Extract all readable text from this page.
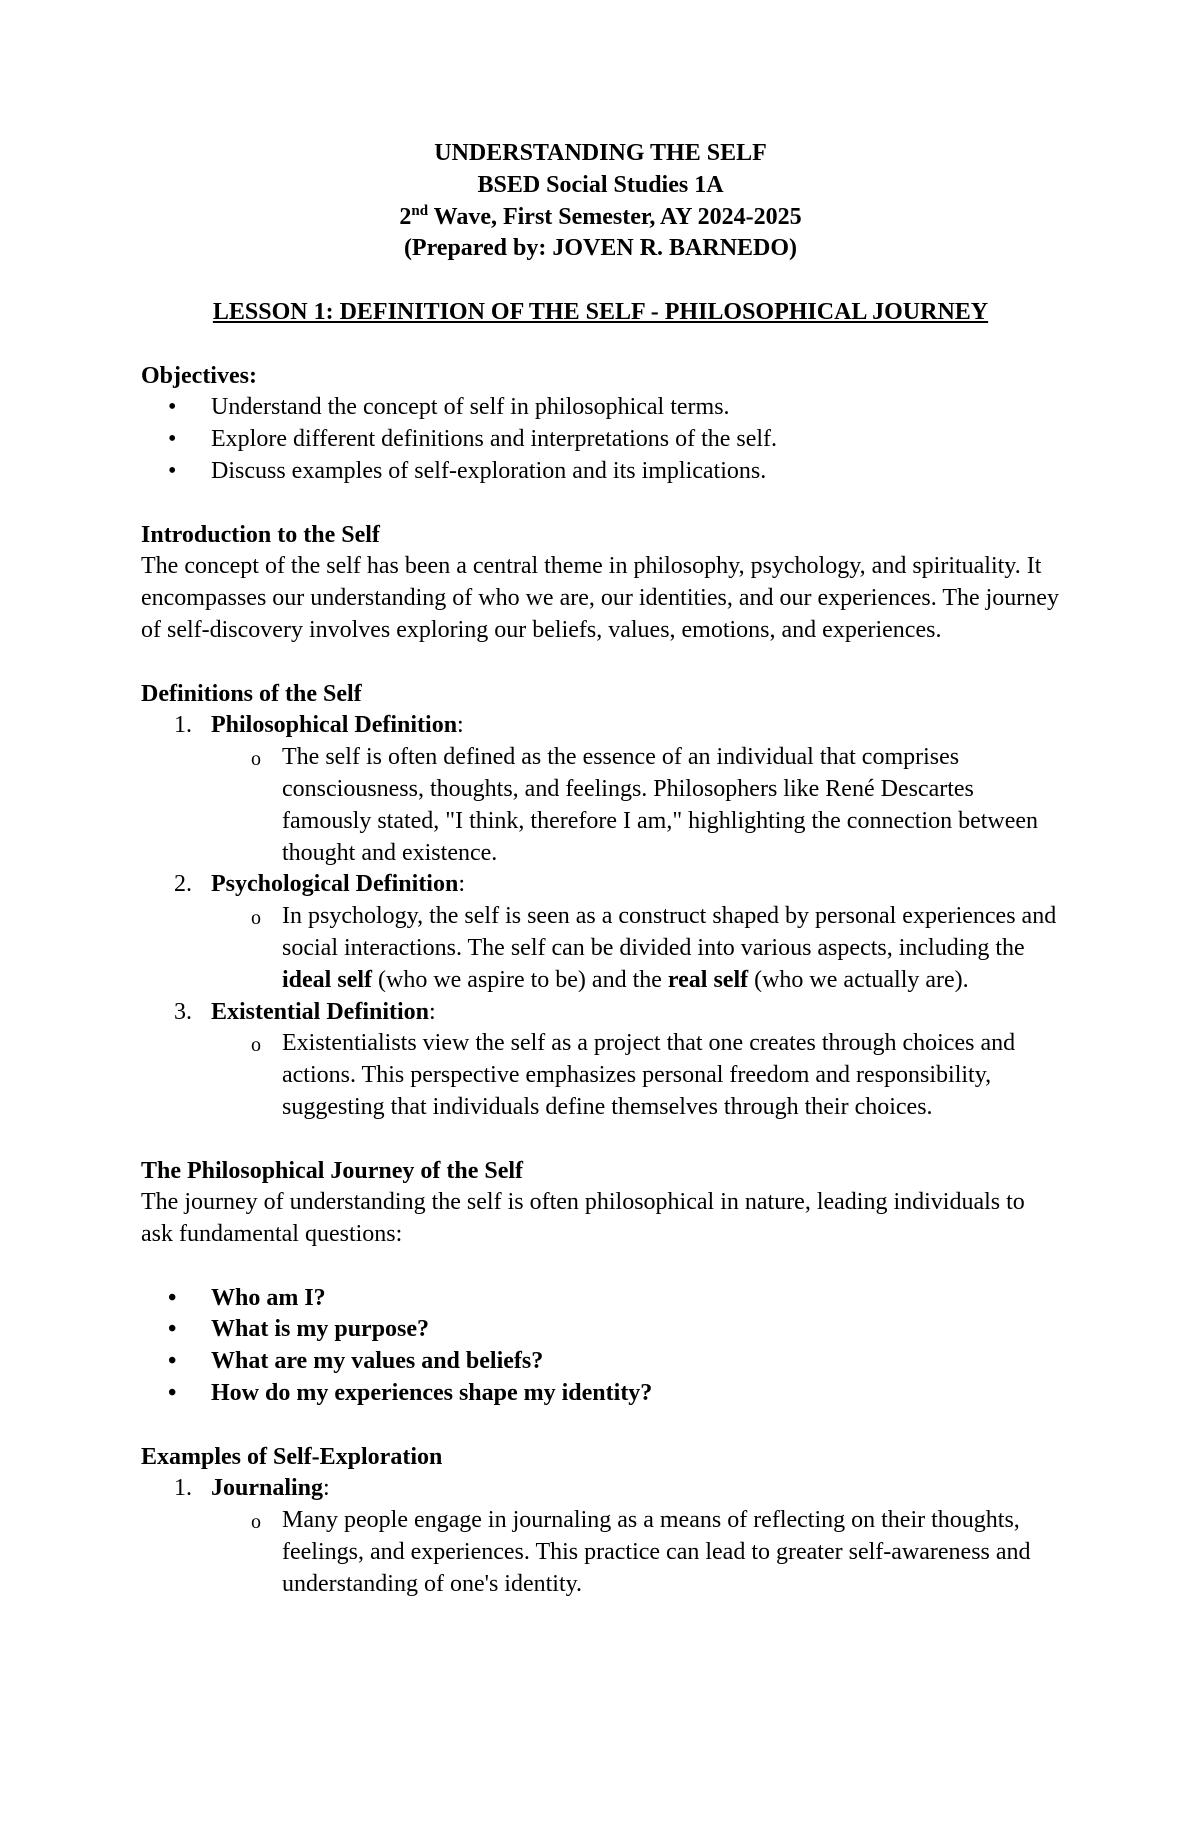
UNDERSTANDING THE SELF

BSED Social Studies 1A

2nd Wave, First Semester, AY 2024-2025

(Prepared by: JOVEN R. BARNEDO)

LESSON 1: DEFINITION OF THE SELF - PHILOSOPHICAL JOURNEY

Objectives:

• Understand the concept of self in philosophical terms.
• Explore different definitions and interpretations of the self.
• Discuss examples of self-exploration and its implications.

Introduction to the Self

The concept of the self has been a central theme in philosophy, psychology, and spirituality. It encompasses our understanding of who we are, our identities, and our experiences. The journey of self-discovery involves exploring our beliefs, values, emotions, and experiences.

Definitions of the Self

1. Philosophical Definition:
o The self is often defined as the essence of an individual that comprises consciousness, thoughts, and feelings. Philosophers like René Descartes famously stated, "I think, therefore I am," highlighting the connection between thought and existence.
2. Psychological Definition:
o In psychology, the self is seen as a construct shaped by personal experiences and social interactions. The self can be divided into various aspects, including the ideal self (who we aspire to be) and the real self (who we actually are).
3. Existential Definition:
o Existentialists view the self as a project that one creates through choices and actions. This perspective emphasizes personal freedom and responsibility, suggesting that individuals define themselves through their choices.

The Philosophical Journey of the Self

The journey of understanding the self is often philosophical in nature, leading individuals to ask fundamental questions:

• Who am I?
• What is my purpose?
• What are my values and beliefs?
• How do my experiences shape my identity?

Examples of Self-Exploration

1. Journaling:
o Many people engage in journaling as a means of reflecting on their thoughts, feelings, and experiences. This practice can lead to greater self-awareness and understanding of one's identity.
